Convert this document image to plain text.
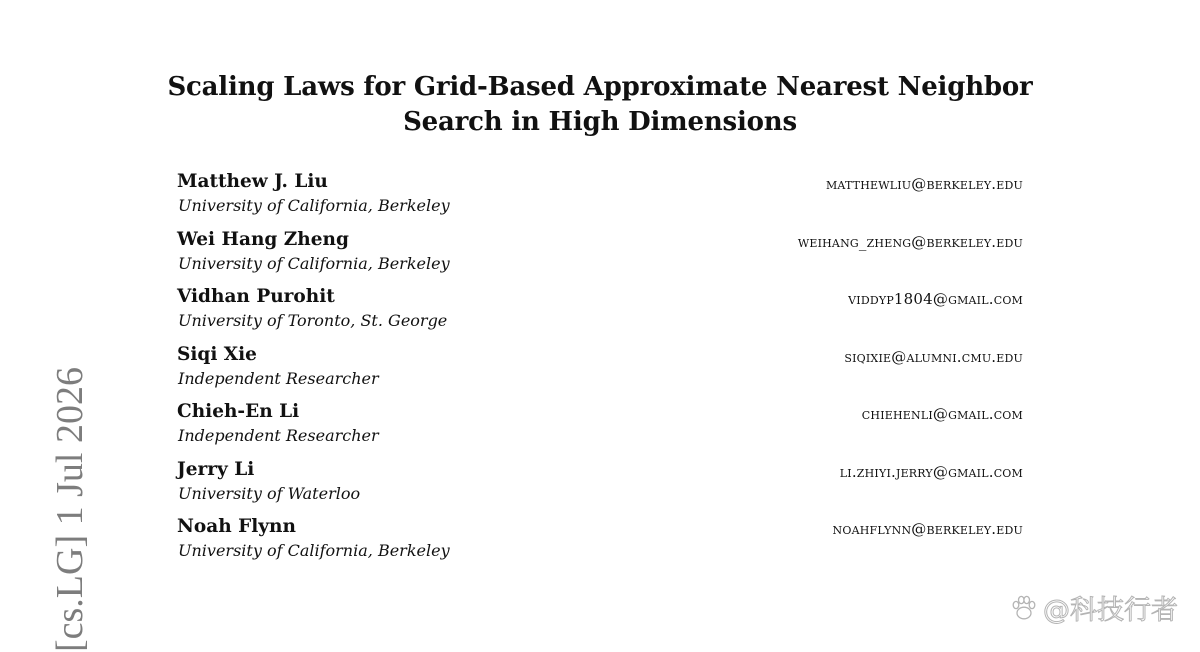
Scaling Laws for Grid-Based Approximate Nearest Neighbor
Search in High Dimensions
Matthew J. Liu
University of California, Berkeley
matthewliu@berkeley.edu
Wei Hang Zheng
University of California, Berkeley
weihang_zheng@berkeley.edu
Vidhan Purohit
University of Toronto, St. George
viddyp1804@gmail.com
Siqi Xie
Independent Researcher
siqixie@alumni.cmu.edu
Chieh-En Li
Independent Researcher
chiehenli@gmail.com
Jerry Li
University of Waterloo
li.zhiyi.jerry@gmail.com
Noah Flynn
University of California, Berkeley
noahflynn@berkeley.edu
[cs.LG] 1 Jul 2026	@科技行者
